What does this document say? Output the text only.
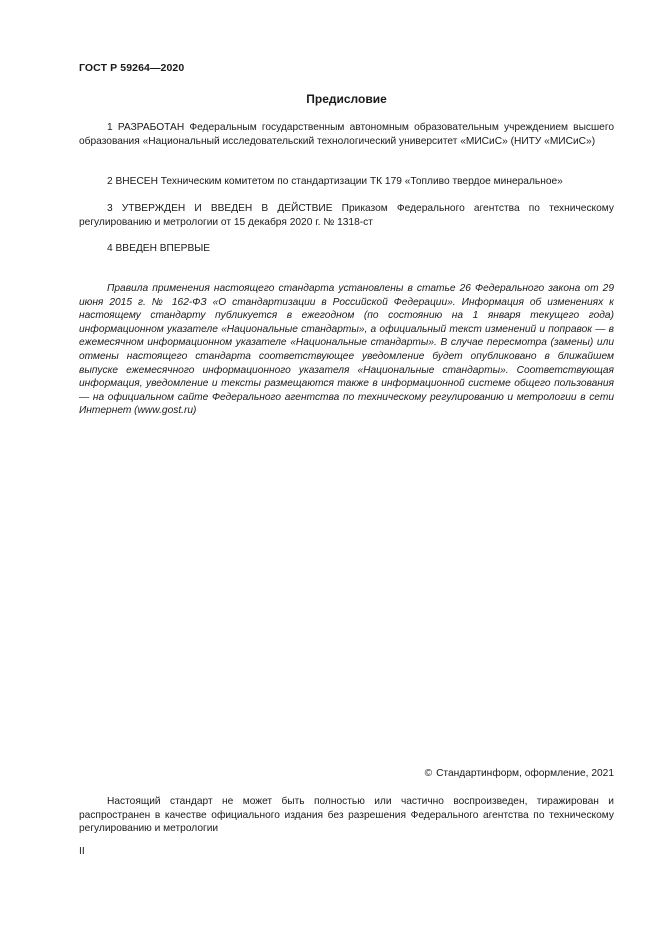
ГОСТ Р 59264—2020
Предисловие

1 РАЗРАБОТАН Федеральным государственным автономным образовательным учреждением высшего образования «Национальный исследовательский технологический университет «МИСиС» (НИТУ «МИСиС»)

2 ВНЕСЕН Техническим комитетом по стандартизации ТК 179 «Топливо твердое минеральное»

3 УТВЕРЖДЕН И ВВЕДЕН В ДЕЙСТВИЕ Приказом Федерального агентства по техническому регулированию и метрологии от 15 декабря 2020 г. № 1318-ст

4 ВВЕДЕН ВПЕРВЫЕ

Правила применения настоящего стандарта установлены в статье 26 Федерального закона от 29 июня 2015 г. № 162-ФЗ «О стандартизации в Российской Федерации». Информация об изменениях к настоящему стандарту публикуется в ежегодном (по состоянию на 1 января текущего года) информационном указателе «Национальные стандарты», а официальный текст изменений и поправок — в ежемесячном информационном указателе «Национальные стандарты». В случае пересмотра (замены) или отмены настоящего стандарта соответствующее уведомление будет опубликовано в ближайшем выпуске ежемесячного информационного указателя «Национальные стандарты». Соответствующая информация, уведомление и тексты размещаются также в информационной системе общего пользования — на официальном сайте Федерального агентства по техническому регулированию и метрологии в сети Интернет (www.gost.ru)

© Стандартинформ, оформление, 2021

Настоящий стандарт не может быть полностью или частично воспроизведен, тиражирован и распространен в качестве официального издания без разрешения Федерального агентства по техническому регулированию и метрологии

II
